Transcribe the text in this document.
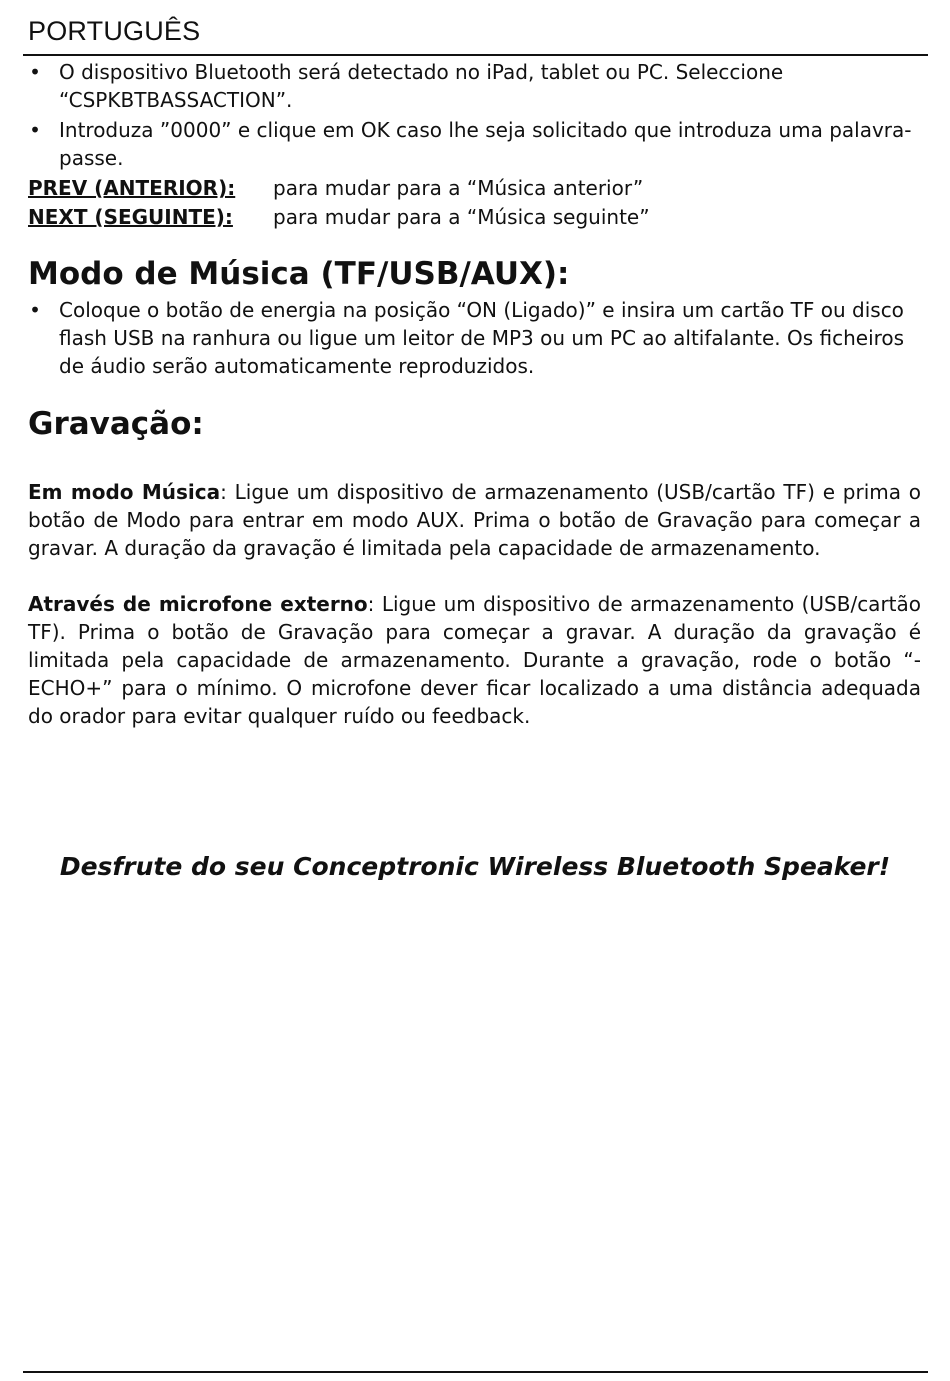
PORTUGUÊS
• O dispositivo Bluetooth será detectado no iPad, tablet ou PC. Seleccione “CSPKBTBASSACTION”.
• Introduza ”0000” e clique em OK caso lhe seja solicitado que introduza uma palavra-passe.
PREV (ANTERIOR):	para mudar para a “Música anterior”
NEXT (SEGUINTE):	para mudar para a “Música seguinte”
Modo de Música (TF/USB/AUX):
• Coloque o botão de energia na posição “ON (Ligado)” e insira um cartão TF ou disco flash USB na ranhura ou ligue um leitor de MP3 ou um PC ao altifalante. Os ficheiros de áudio serão automaticamente reproduzidos.
Gravação:

Em modo Música: Ligue um dispositivo de armazenamento (USB/cartão TF) e prima o botão de Modo para entrar em modo AUX. Prima o botão de Gravação para começar a gravar. A duração da gravação é limitada pela capacidade de armazenamento.

Através de microfone externo: Ligue um dispositivo de armazenamento (USB/cartão TF). Prima o botão de Gravação para começar a gravar. A duração da gravação é limitada pela capacidade de armazenamento. Durante a gravação, rode o botão “-ECHO+” para o mínimo. O microfone dever ficar localizado a uma distância adequada do orador para evitar qualquer ruído ou feedback.

Desfrute do seu Conceptronic Wireless Bluetooth Speaker!
